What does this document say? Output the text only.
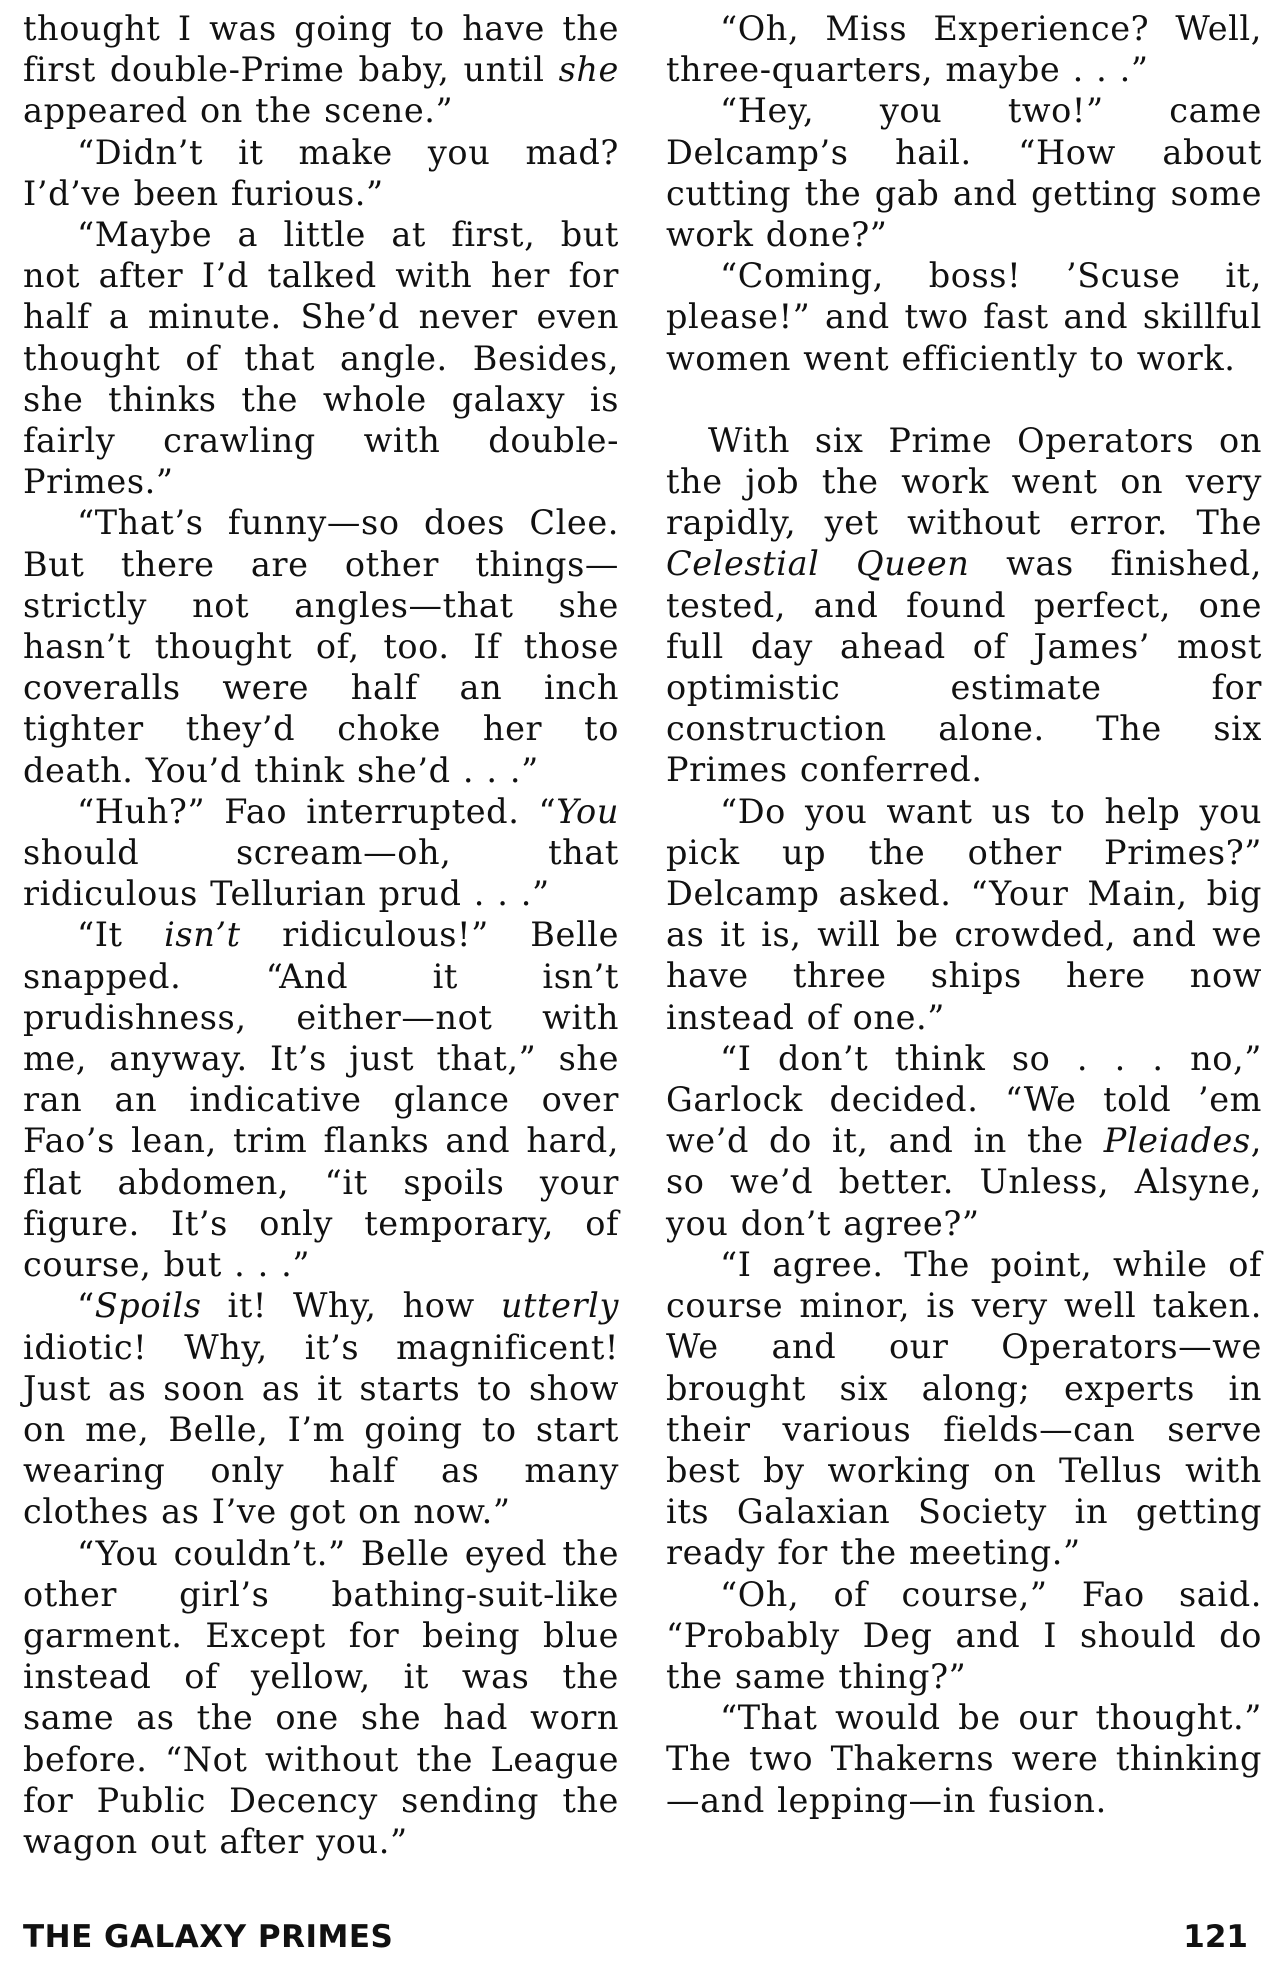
thought I was going to have the first double-Prime baby, until she appeared on the scene.”

“Didn’t it make you mad? I’d’ve been furious.”

“Maybe a little at first, but not after I’d talked with her for half a minute. She’d never even thought of that angle. Besides, she thinks the whole galaxy is fairly crawling with double-Primes.”

“That’s funny—so does Clee. But there are other things—strictly not angles—that she hasn’t thought of, too. If those coveralls were half an inch tighter they’d choke her to death. You’d think she’d . . .”

“Huh?” Fao interrupted. “You should scream—oh, that ridiculous Tellurian prud . . .”

“It isn’t ridiculous!” Belle snapped. “And it isn’t prudishness, either—not with me, anyway. It’s just that,” she ran an indicative glance over Fao’s lean, trim flanks and hard, flat abdomen, “it spoils your figure. It’s only temporary, of course, but . . .”

“Spoils it! Why, how utterly idiotic! Why, it’s magnificent! Just as soon as it starts to show on me, Belle, I’m going to start wearing only half as many clothes as I’ve got on now.”

“You couldn’t.” Belle eyed the other girl’s bathing-suit-like garment. Except for being blue instead of yellow, it was the same as the one she had worn before. “Not without the League for Public Decency sending the wagon out after you.”

“Oh, Miss Experience? Well, three-quarters, maybe . . .”

“Hey, you two!” came Delcamp’s hail. “How about cutting the gab and getting some work done?”

“Coming, boss! ’Scuse it, please!” and two fast and skillful women went efficiently to work.

With six Prime Operators on the job the work went on very rapidly, yet without error. The Celestial Queen was finished, tested, and found perfect, one full day ahead of James’ most optimistic estimate for construction alone. The six Primes conferred.

“Do you want us to help you pick up the other Primes?” Delcamp asked. “Your Main, big as it is, will be crowded, and we have three ships here now instead of one.”

“I don’t think so . . . no,” Garlock decided. “We told ’em we’d do it, and in the Pleiades, so we’d better. Unless, Alsyne, you don’t agree?”

“I agree. The point, while of course minor, is very well taken. We and our Operators—we brought six along; experts in their various fields—can serve best by working on Tellus with its Galaxian Society in getting ready for the meeting.”

“Oh, of course,” Fao said. “Probably Deg and I should do the same thing?”

“That would be our thought.” The two Thakerns were thinking—and lepping—in fusion.

THE GALAXY PRIMES	121
